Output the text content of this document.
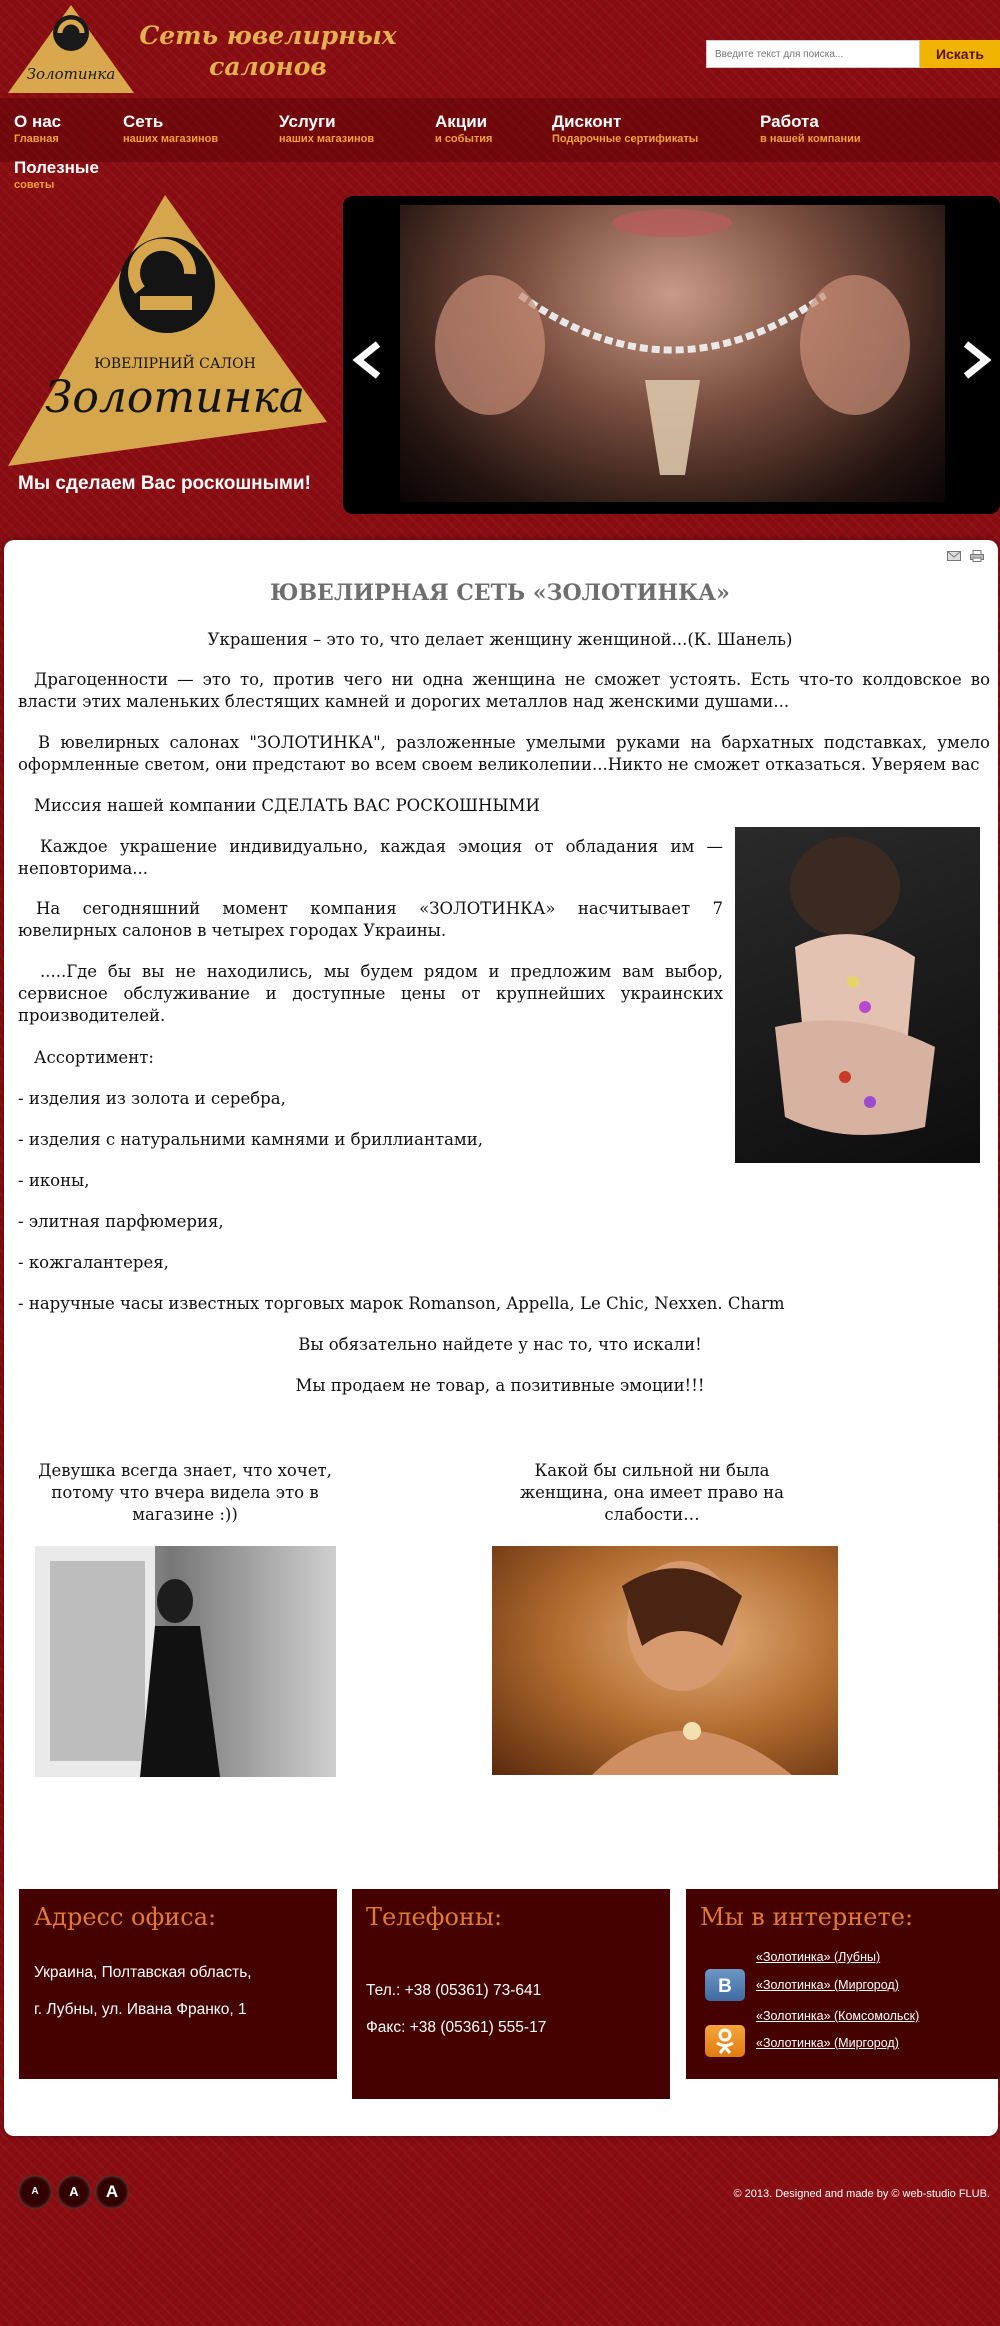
Золотинка
Сеть ювелирных
салонов
Введите текст для поиска...	Искать
О нас
Главная
Сеть
наших магазинов
Услуги
наших магазинов
Акции
и события
Дисконт
Подарочные сертификаты
Работа
в нашей компании
Полезные
советы
ЮВЕЛІРНИЙ САЛОН
Золотинка
Мы сделаем Вас роскошными!
ЮВЕЛИРНАЯ СЕТЬ «ЗОЛОТИНКА»
Украшения – это то, что делает женщину женщиной...(К. Шанель)
Драгоценности — это то, против чего ни одна женщина не сможет устоять. Есть что-то колдовское во власти этих маленьких блестящих камней и дорогих металлов над женскими душами...
В ювелирных салонах "ЗОЛОТИНКА", разложенные умелыми руками на бархатных подставках, умело оформленные светом, они предстают во всем своем великолепии...Никто не сможет отказаться. Уверяем вас
Миссия нашей компании СДЕЛАТЬ ВАС РОСКОШНЫМИ
Каждое украшение индивидуально, каждая эмоция от обладания им — неповторима...
На сегодняшний момент компания «ЗОЛОТИНКА» насчитывает 7 ювелирных салонов в четырех городах Украины.
.....Где бы вы не находились, мы будем рядом и предложим вам выбор, сервисное обслуживание и доступные цены от крупнейших украинских производителей.
Ассортимент:
- изделия из золота и серебра,
- изделия с натуральними камнями и бриллиантами,
- иконы,
- элитная парфюмерия,
- кожгалантерея,
- наручные часы известных торговых марок Romanson, Appella, Le Chic, Nexxen. Charm
Вы обязательно найдете у нас то, что искали!
Мы продаем не товар, а позитивные эмоции!!!
Девушка всегда знает, что хочет, потому что вчера видела это в магазине :))
Какой бы сильной ни была женщина, она имеет право на слабости…
Адресс офиса:
Украина, Полтавская область,
г. Лубны, ул. Ивана Франко, 1
Телефоны:
Тел.: +38 (05361) 73-641
Факс: +38 (05361) 555-17
Мы в интернете:
B
«Золотинка» (Лубны)
«Золотинка» (Миргород)
«Золотинка» (Комсомольск)
«Золотинка» (Миргород)
A	A	A	© 2013. Designed and made by © web-studio FLUB.
